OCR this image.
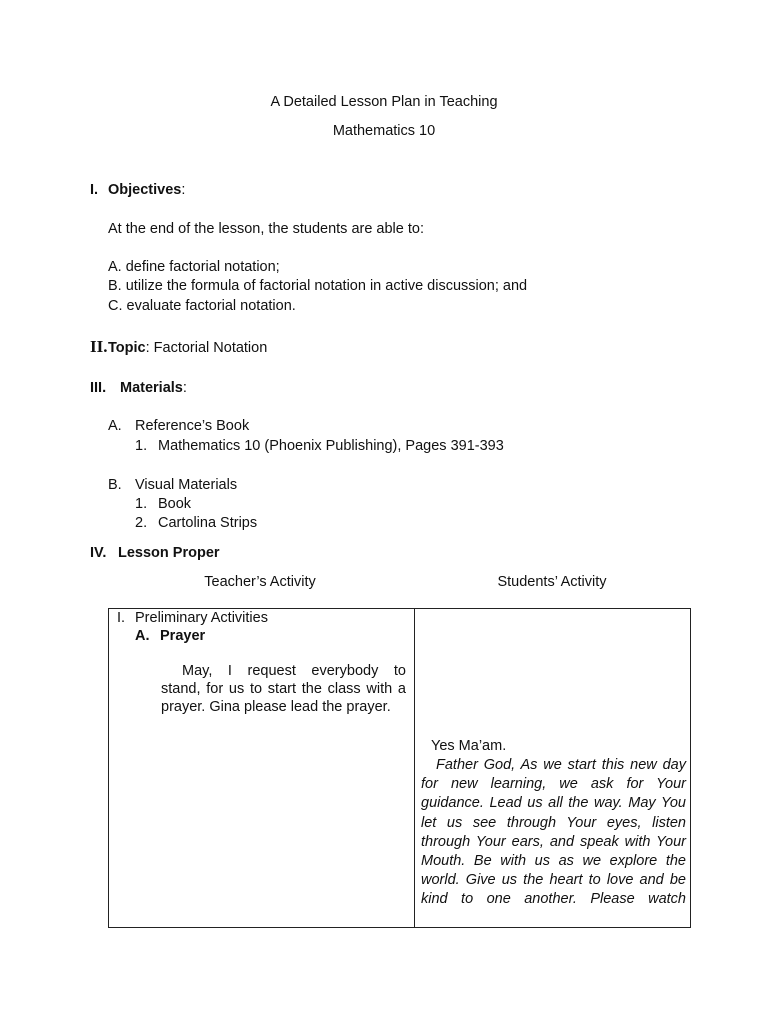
A Detailed Lesson Plan in Teaching
Mathematics 10
I. Objectives:
At the end of the lesson, the students are able to:
A. define factorial notation;
B. utilize the formula of factorial notation in active discussion; and
C. evaluate factorial notation.
II. Topic: Factorial Notation
III. Materials:
A. Reference’s Book
1. Mathematics 10 (Phoenix Publishing), Pages 391-393
B. Visual Materials
1. Book
2. Cartolina Strips
IV. Lesson Proper
Teacher’s Activity	Students’ Activity
I. Preliminary Activities
A. Prayer
May, I request everybody to
stand, for us to start the class with a
prayer. Gina please lead the prayer.
Yes Ma’am.
Father God, As we start this new day
for new learning, we ask for Your
guidance. Lead us all the way. May You
let us see through Your eyes, listen
through Your ears, and speak with Your
Mouth. Be with us as we explore the
world. Give us the heart to love and be
kind to one another. Please watch
